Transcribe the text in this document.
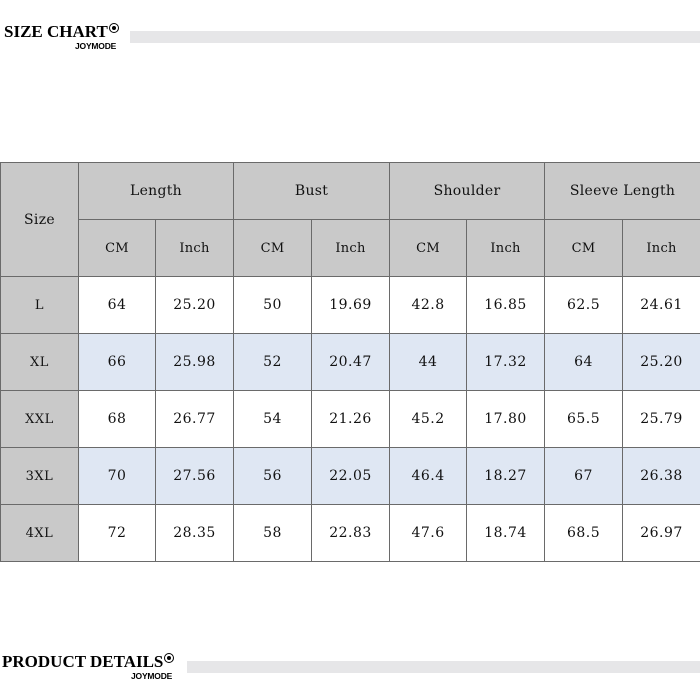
SIZE CHART
JOYMODE
Size	Length		Bust		Shoulder		Sleeve Length	
	CM	Inch	CM	Inch	CM	Inch	CM	Inch
L	64	25.20	50	19.69	42.8	16.85	62.5	24.61
XL	66	25.98	52	20.47	44	17.32	64	25.20
XXL	68	26.77	54	21.26	45.2	17.80	65.5	25.79
3XL	70	27.56	56	22.05	46.4	18.27	67	26.38
4XL	72	28.35	58	22.83	47.6	18.74	68.5	26.97
PRODUCT DETAILS
JOYMODE
